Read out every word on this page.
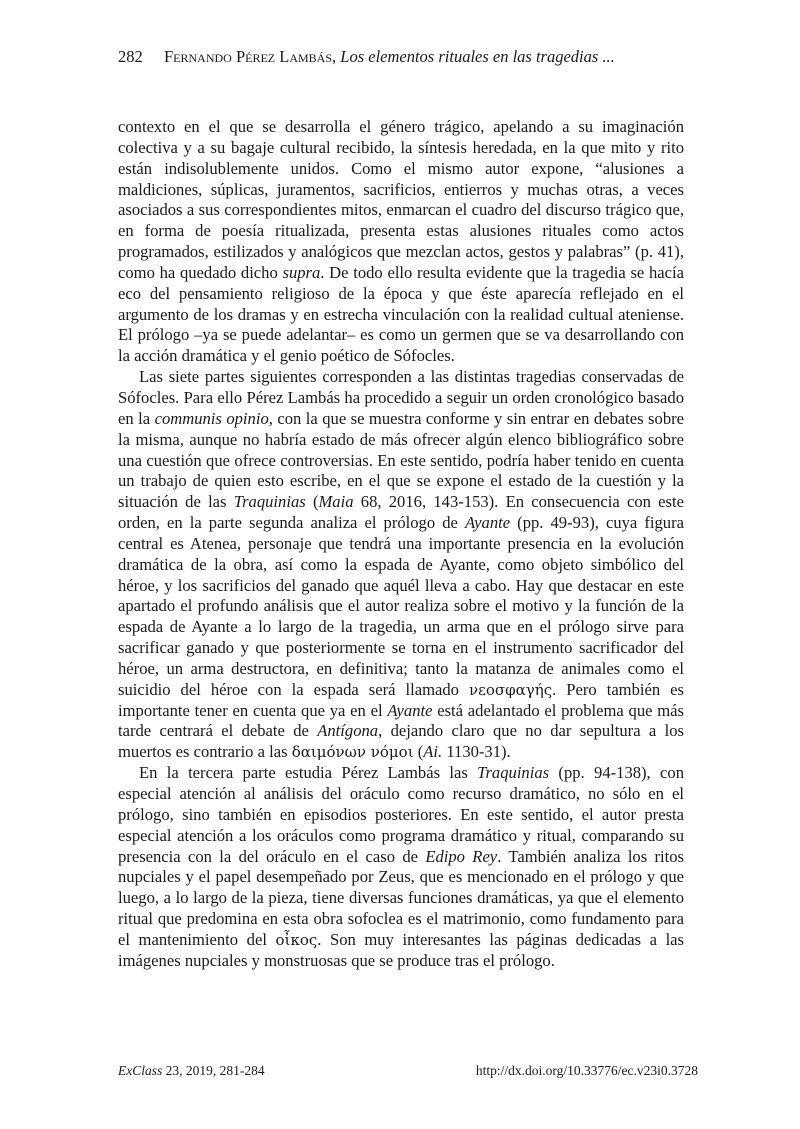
282 Fernando Pérez Lambás, Los elementos rituales en las tragedias ...

contexto en el que se desarrolla el género trágico, apelando a su imaginación colectiva y a su bagaje cultural recibido, la síntesis heredada, en la que mito y rito están indisolublemente unidos. Como el mismo autor expone, “alusiones a maldiciones, súplicas, juramentos, sacrificios, entierros y muchas otras, a veces asociados a sus correspondientes mitos, enmarcan el cuadro del discurso trágico que, en forma de poesía ritualizada, presenta estas alusiones rituales como actos programados, estilizados y analógicos que mezclan actos, gestos y palabras” (p. 41), como ha quedado dicho supra. De todo ello resulta evidente que la tragedia se hacía eco del pensamiento religioso de la época y que éste aparecía reflejado en el argumento de los dramas y en estrecha vinculación con la realidad cultual ateniense. El prólogo –ya se puede adelantar– es como un germen que se va desarrollando con la acción dramática y el genio poético de Sófocles.

Las siete partes siguientes corresponden a las distintas tragedias conservadas de Sófocles. Para ello Pérez Lambás ha procedido a seguir un orden cronológico basado en la communis opinio, con la que se muestra conforme y sin entrar en debates sobre la misma, aunque no habría estado de más ofrecer algún elenco bibliográfico sobre una cuestión que ofrece controversias. En este sentido, podría haber tenido en cuenta un trabajo de quien esto escribe, en el que se expone el estado de la cuestión y la situación de las Traquinias (Maia 68, 2016, 143-153). En consecuencia con este orden, en la parte segunda analiza el prólogo de Ayante (pp. 49-93), cuya figura central es Atenea, personaje que tendrá una importante presencia en la evolución dramática de la obra, así como la espada de Ayante, como objeto simbólico del héroe, y los sacrificios del ganado que aquél lleva a cabo. Hay que destacar en este apartado el profundo análisis que el autor realiza sobre el motivo y la función de la espada de Ayante a lo largo de la tragedia, un arma que en el prólogo sirve para sacrificar ganado y que posteriormente se torna en el instrumento sacrificador del héroe, un arma destructora, en definitiva; tanto la matanza de animales como el suicidio del héroe con la espada será llamado νεοσφαγής. Pero también es importante tener en cuenta que ya en el Ayante está adelantado el problema que más tarde centrará el debate de Antígona, dejando claro que no dar sepultura a los muertos es contrario a las δαιμόνων νόμοι (Ai. 1130-31).

En la tercera parte estudia Pérez Lambás las Traquinias (pp. 94-138), con especial atención al análisis del oráculo como recurso dramático, no sólo en el prólogo, sino también en episodios posteriores. En este sentido, el autor presta especial atención a los oráculos como programa dramático y ritual, comparando su presencia con la del oráculo en el caso de Edipo Rey. También analiza los ritos nupciales y el papel desempeñado por Zeus, que es mencionado en el prólogo y que luego, a lo largo de la pieza, tiene diversas funciones dramáticas, ya que el elemento ritual que predomina en esta obra sofoclea es el matrimonio, como fundamento para el mantenimiento del οἶκος. Son muy interesantes las páginas dedicadas a las imágenes nupciales y monstruosas que se produce tras el prólogo.

ExClass 23, 2019, 281-284	http://dx.doi.org/10.33776/ec.v23i0.3728
